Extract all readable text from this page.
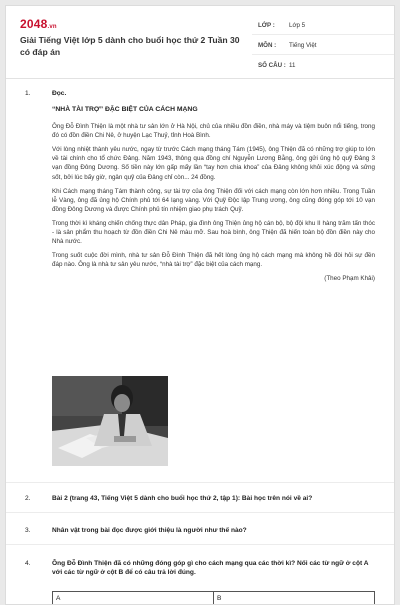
2048.vn
Giải Tiếng Việt lớp 5 dành cho buổi học thứ 2 Tuần 30 có đáp án
LỚP : Lớp 5
MÔN : Tiếng Việt
SỐ CÂU : 11
1.	Đọc.

“NHÀ TÀI TRỢ” ĐẶC BIỆT CỦA CÁCH MẠNG

Ông Đỗ Đình Thiện là một nhà tư sản lớn ở Hà Nội, chủ của nhiều đồn điền, nhà máy và tiệm buôn nổi tiếng, trong đó có đồn điền Chi Nê, ở huyện Lạc Thuỷ, tỉnh Hoà Bình.

Với lòng nhiệt thành yêu nước, ngay từ trước Cách mạng tháng Tám (1945), ông Thiện đã có những trợ giúp to lớn về tài chính cho tổ chức Đảng. Năm 1943, thông qua đồng chí Nguyễn Lương Bằng, ông gửi ủng hộ quỹ Đảng 3 vạn đồng Đông Dương. Số tiền này lớn gấp mấy lần “tay hơn chia khoa” của Đảng không khỏi xúc động và sửng sốt, bởi lúc bấy giờ, ngân quỹ của Đảng chỉ còn... 24 đồng.

Khi Cách mạng tháng Tám thành công, sự tài trợ của ông Thiện đối với cách mạng còn lớn hơn nhiều. Trong Tuần lễ Vàng, ông đã ủng hộ Chính phủ tới 64 lạng vàng. Với Quỹ Độc lập Trung ương, ông cũng đóng góp tới 10 vạn đồng Đông Dương và được Chính phủ tín nhiệm giao phụ trách Quỹ.

Trong thời kì kháng chiến chống thực dân Pháp, gia đình ông Thiện ủng hộ cán bộ, bộ đội khu II hàng trăm tấn thóc - là sản phẩm thu hoạch từ đồn điền Chi Nê màu mỡ. Sau hoà bình, ông Thiện đã hiến toàn bộ đồn điền này cho Nhà nước.

Trong suốt cuộc đời mình, nhà tư sản Đỗ Đình Thiện đã hết lòng ủng hộ cách mạng mà không hề đòi hỏi sự đền đáp nào. Ông là nhà tư sản yêu nước, “nhà tài trợ” đặc biệt của cách mạng.

(Theo Phạm Khải)

2.	Bài 2 (trang 43, Tiếng Việt 5 dành cho buổi học thứ 2, tập 1): Bài học trên nói về ai?
3.	Nhân vật trong bài đọc được giới thiệu là người như thế nào?
4.	Ông Đỗ Đình Thiện đã có những đóng góp gì cho cách mạng qua các thời kì? Nối các từ ngữ ở cột A với các từ ngữ ở cột B để có câu trả lời đúng.
A	B
